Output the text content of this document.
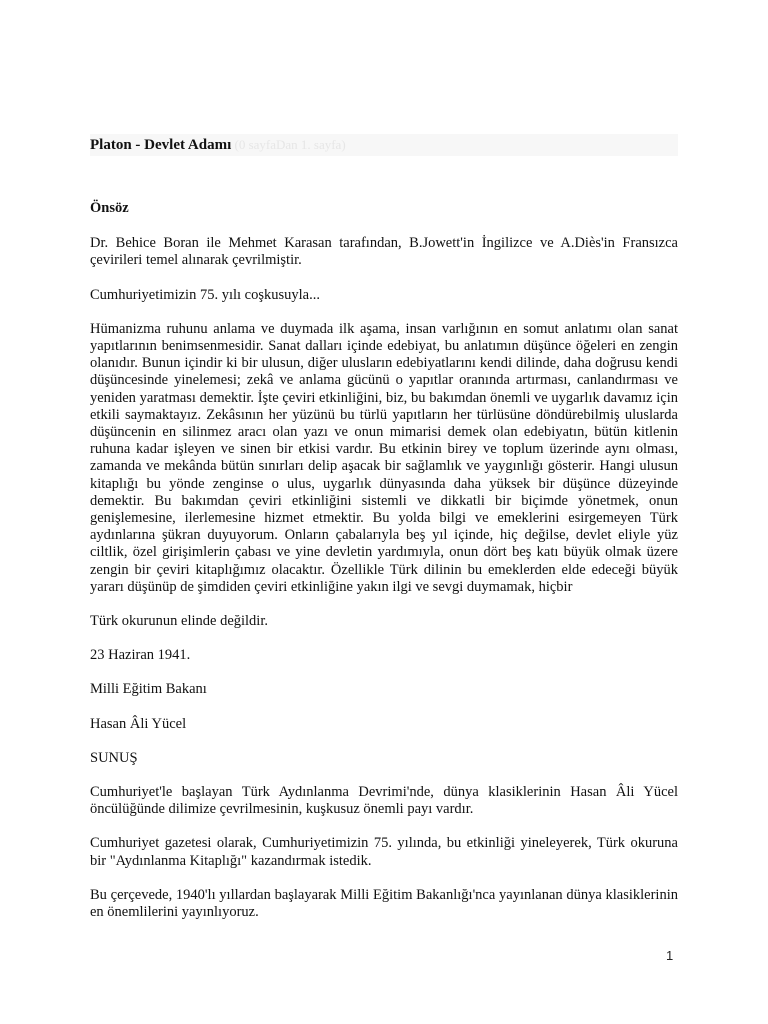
Platon - Devlet Adamı (0 sayfaDan 1. sayfa)

Önsöz

Dr. Behice Boran ile Mehmet Karasan tarafından, B.Jowett'in İngilizce ve A.Diès'in Fransızca çevirileri temel alınarak çevrilmiştir.

Cumhuriyetimizin 75. yılı coşkusuyla...

Hümanizma ruhunu anlama ve duymada ilk aşama, insan varlığının en somut anlatımı olan sanat yapıtlarının benimsenmesidir. Sanat dalları içinde edebiyat, bu anlatımın düşünce öğeleri en zengin olanıdır. Bunun içindir ki bir ulusun, diğer ulusların edebiyatlarını kendi dilinde, daha doğrusu kendi düşüncesinde yinelemesi; zekâ ve anlama gücünü o yapıtlar oranında artırması, canlandırması ve yeniden yaratması demektir. İşte çeviri etkinliğini, biz, bu bakımdan önemli ve uygarlık davamız için etkili saymaktayız. Zekâsının her yüzünü bu türlü yapıtların her türlüsüne döndürebilmiş uluslarda düşüncenin en silinmez aracı olan yazı ve onun mimarisi demek olan edebiyatın, bütün kitlenin ruhuna kadar işleyen ve sinen bir etkisi vardır. Bu etkinin birey ve toplum üzerinde aynı olması, zamanda ve mekânda bütün sınırları delip aşacak bir sağlamlık ve yaygınlığı gösterir. Hangi ulusun kitaplığı bu yönde zenginse o ulus, uygarlık dünyasında daha yüksek bir düşünce düzeyinde demektir. Bu bakımdan çeviri etkinliğini sistemli ve dikkatli bir biçimde yönetmek, onun genişlemesine, ilerlemesine hizmet etmektir. Bu yolda bilgi ve emeklerini esirgemeyen Türk aydınlarına şükran duyuyorum. Onların çabalarıyla beş yıl içinde, hiç değilse, devlet eliyle yüz ciltlik, özel girişimlerin çabası ve yine devletin yardımıyla, onun dört beş katı büyük olmak üzere zengin bir çeviri kitaplığımız olacaktır. Özellikle Türk dilinin bu emeklerden elde edeceği büyük yararı düşünüp de şimdiden çeviri etkinliğine yakın ilgi ve sevgi duymamak, hiçbir

Türk okurunun elinde değildir.

23 Haziran 1941.

Milli Eğitim Bakanı

Hasan Âli Yücel

SUNUŞ

Cumhuriyet'le başlayan Türk Aydınlanma Devrimi'nde, dünya klasiklerinin Hasan Âli Yücel öncülüğünde dilimize çevrilmesinin, kuşkusuz önemli payı vardır.

Cumhuriyet gazetesi olarak, Cumhuriyetimizin 75. yılında, bu etkinliği yineleyerek, Türk okuruna bir "Aydınlanma Kitaplığı" kazandırmak istedik.

Bu çerçevede, 1940'lı yıllardan başlayarak Milli Eğitim Bakanlığı'nca yayınlanan dünya klasiklerinin en önemlilerini yayınlıyoruz.

1
